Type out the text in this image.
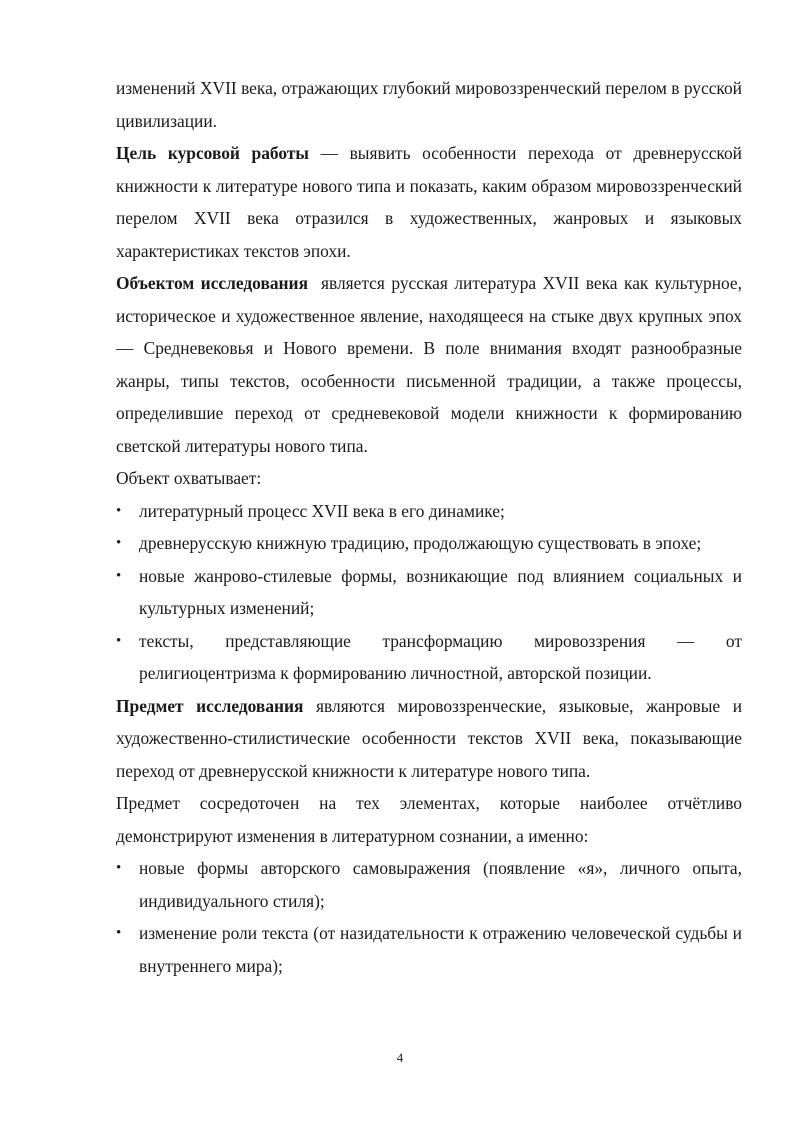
изменений XVII века, отражающих глубокий мировоззренческий перелом в русской цивилизации.

Цель курсовой работы — выявить особенности перехода от древнерусской книжности к литературе нового типа и показать, каким образом мировоззренческий перелом XVII века отразился в художественных, жанровых и языковых характеристиках текстов эпохи.

Объектом исследования  является русская литература XVII века как культурное, историческое и художественное явление, находящееся на стыке двух крупных эпох — Средневековья и Нового времени. В поле внимания входят разнообразные жанры, типы текстов, особенности письменной традиции, а также процессы, определившие переход от средневековой модели книжности к формированию светской литературы нового типа.

Объект охватывает:

• литературный процесс XVII века в его динамике;
• древнерусскую книжную традицию, продолжающую существовать в эпохе;
• новые жанрово-стилевые формы, возникающие под влиянием социальных и культурных изменений;
• тексты, представляющие трансформацию мировоззрения — от религиоцентризма к формированию личностной, авторской позиции.

Предмет исследования являются мировоззренческие, языковые, жанровые и художественно-стилистические особенности текстов XVII века, показывающие переход от древнерусской книжности к литературе нового типа.

Предмет сосредоточен на тех элементах, которые наиболее отчётливо демонстрируют изменения в литературном сознании, а именно:

• новые формы авторского самовыражения (появление «я», личного опыта, индивидуального стиля);
• изменение роли текста (от назидательности к отражению человеческой судьбы и внутреннего мира);
4
